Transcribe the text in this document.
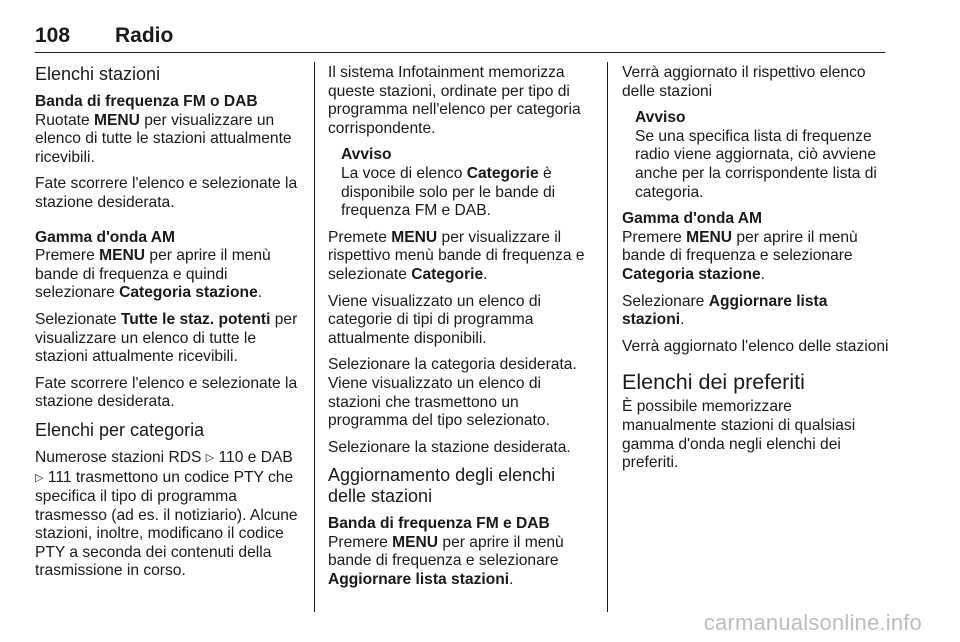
108 Radio
Elenchi stazioni
Banda di frequenza FM o DAB

Ruotate MENU per visualizzare un elenco di tutte le stazioni attualmente ricevibili.

Fate scorrere l'elenco e selezionate la stazione desiderata.

Gamma d'onda AM

Premere MENU per aprire il menù bande di frequenza e quindi selezionare Categoria stazione.

Selezionate Tutte le staz. potenti per visualizzare un elenco di tutte le stazioni attualmente ricevibili.

Fate scorrere l'elenco e selezionate la stazione desiderata.

Elenchi per categoria

Numerose stazioni RDS ▷ 110 e DAB ▷ 111 trasmettono un codice PTY che specifica il tipo di programma trasmesso (ad es. il notiziario). Alcune stazioni, inoltre, modificano il codice PTY a seconda dei contenuti della trasmissione in corso.

Il sistema Infotainment memorizza queste stazioni, ordinate per tipo di programma nell'elenco per categoria corrispondente.

Avviso
La voce di elenco Categorie è disponibile solo per le bande di frequenza FM e DAB.

Premete MENU per visualizzare il rispettivo menù bande di frequenza e selezionate Categorie.

Viene visualizzato un elenco di categorie di tipi di programma attualmente disponibili.

Selezionare la categoria desiderata. Viene visualizzato un elenco di stazioni che trasmettono un programma del tipo selezionato.

Selezionare la stazione desiderata.

Aggiornamento degli elenchi delle stazioni
Banda di frequenza FM e DAB

Premere MENU per aprire il menù bande di frequenza e selezionare Aggiornare lista stazioni.

Verrà aggiornato il rispettivo elenco delle stazioni

Avviso
Se una specifica lista di frequenze radio viene aggiornata, ciò avviene anche per la corrispondente lista di categoria.
Gamma d'onda AM

Premere MENU per aprire il menù bande di frequenza e selezionare Categoria stazione.

Selezionare Aggiornare lista stazioni.

Verrà aggiornato l'elenco delle stazioni

Elenchi dei preferiti

È possibile memorizzare manualmente stazioni di qualsiasi gamma d'onda negli elenchi dei preferiti.

carmanualsonline.info
